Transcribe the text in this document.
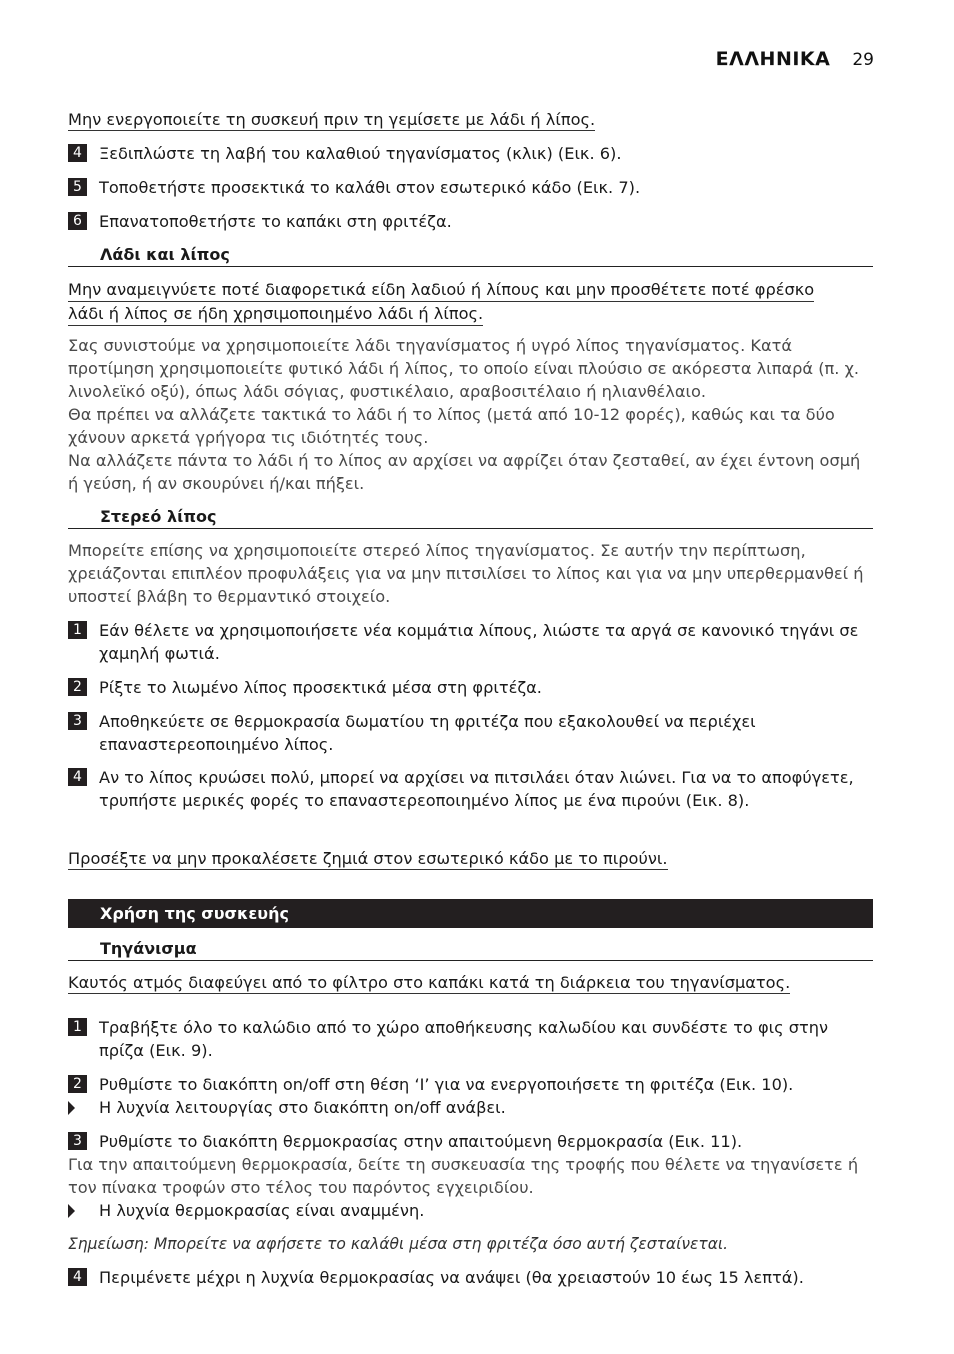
ΕΛΛΗΝΙΚΑ 29
Μην ενεργοποιείτε τη συσκευή πριν τη γεμίσετε με λάδι ή λίπος.
4	Ξεδιπλώστε τη λαβή του καλαθιού τηγανίσματος (κλικ) (Εικ. 6).
5	Τοποθετήστε προσεκτικά το καλάθι στον εσωτερικό κάδο (Εικ. 7).
6	Επανατοποθετήστε το καπάκι στη φριτέζα.
Λάδι και λίπος
Μην αναμειγνύετε ποτέ διαφορετικά είδη λαδιού ή λίπους και μην προσθέτετε ποτέ φρέσκο
λάδι ή λίπος σε ήδη χρησιμοποιημένο λάδι ή λίπος.
Σας συνιστούμε να χρησιμοποιείτε λάδι τηγανίσματος ή υγρό λίπος τηγανίσματος. Κατά προτίμηση χρησιμοποιείτε φυτικό λάδι ή λίπος, το οποίο είναι πλούσιο σε ακόρεστα λιπαρά (π. χ. λινολεϊκό οξύ), όπως λάδι σόγιας, φυστικέλαιο, αραβοσιτέλαιο ή ηλιανθέλαιο.
Θα πρέπει να αλλάζετε τακτικά το λάδι ή το λίπος (μετά από 10-12 φορές), καθώς και τα δύο χάνουν αρκετά γρήγορα τις ιδιότητές τους.
Να αλλάζετε πάντα το λάδι ή το λίπος αν αρχίσει να αφρίζει όταν ζεσταθεί, αν έχει έντονη οσμή ή γεύση, ή αν σκουρύνει ή/και πήξει.
Στερεό λίπος
Μπορείτε επίσης να χρησιμοποιείτε στερεό λίπος τηγανίσματος. Σε αυτήν την περίπτωση, χρειάζονται επιπλέον προφυλάξεις για να μην πιτσιλίσει το λίπος και για να μην υπερθερμανθεί ή υποστεί βλάβη το θερμαντικό στοιχείο.
1	Εάν θέλετε να χρησιμοποιήσετε νέα κομμάτια λίπους, λιώστε τα αργά σε κανονικό τηγάνι σε χαμηλή φωτιά.
2	Ρίξτε το λιωμένο λίπος προσεκτικά μέσα στη φριτέζα.
3	Αποθηκεύετε σε θερμοκρασία δωματίου τη φριτέζα που εξακολουθεί να περιέχει επαναστερεοποιημένο λίπος.
4	Αν το λίπος κρυώσει πολύ, μπορεί να αρχίσει να πιτσιλάει όταν λιώνει. Για να το αποφύγετε, τρυπήστε μερικές φορές το επαναστερεοποιημένο λίπος με ένα πιρούνι (Εικ. 8).
Προσέξτε να μην προκαλέσετε ζημιά στον εσωτερικό κάδο με το πιρούνι.
Χρήση της συσκευής
Τηγάνισμα
Καυτός ατμός διαφεύγει από το φίλτρο στο καπάκι κατά τη διάρκεια του τηγανίσματος.
1	Τραβήξτε όλο το καλώδιο από το χώρο αποθήκευσης καλωδίου και συνδέστε το φις στην πρίζα (Εικ. 9).
2	Ρυθμίστε το διακόπτη on/off στη θέση ‘I’ για να ενεργοποιήσετε τη φριτέζα (Εικ. 10).
Η λυχνία λειτουργίας στο διακόπτη on/off ανάβει.
3	Ρυθμίστε το διακόπτη θερμοκρασίας στην απαιτούμενη θερμοκρασία (Εικ. 11).
Για την απαιτούμενη θερμοκρασία, δείτε τη συσκευασία της τροφής που θέλετε να τηγανίσετε ή τον πίνακα τροφών στο τέλος του παρόντος εγχειριδίου.
Η λυχνία θερμοκρασίας είναι αναμμένη.
Σημείωση: Μπορείτε να αφήσετε το καλάθι μέσα στη φριτέζα όσο αυτή ζεσταίνεται.
4	Περιμένετε μέχρι η λυχνία θερμοκρασίας να ανάψει (θα χρειαστούν 10 έως 15 λεπτά).
